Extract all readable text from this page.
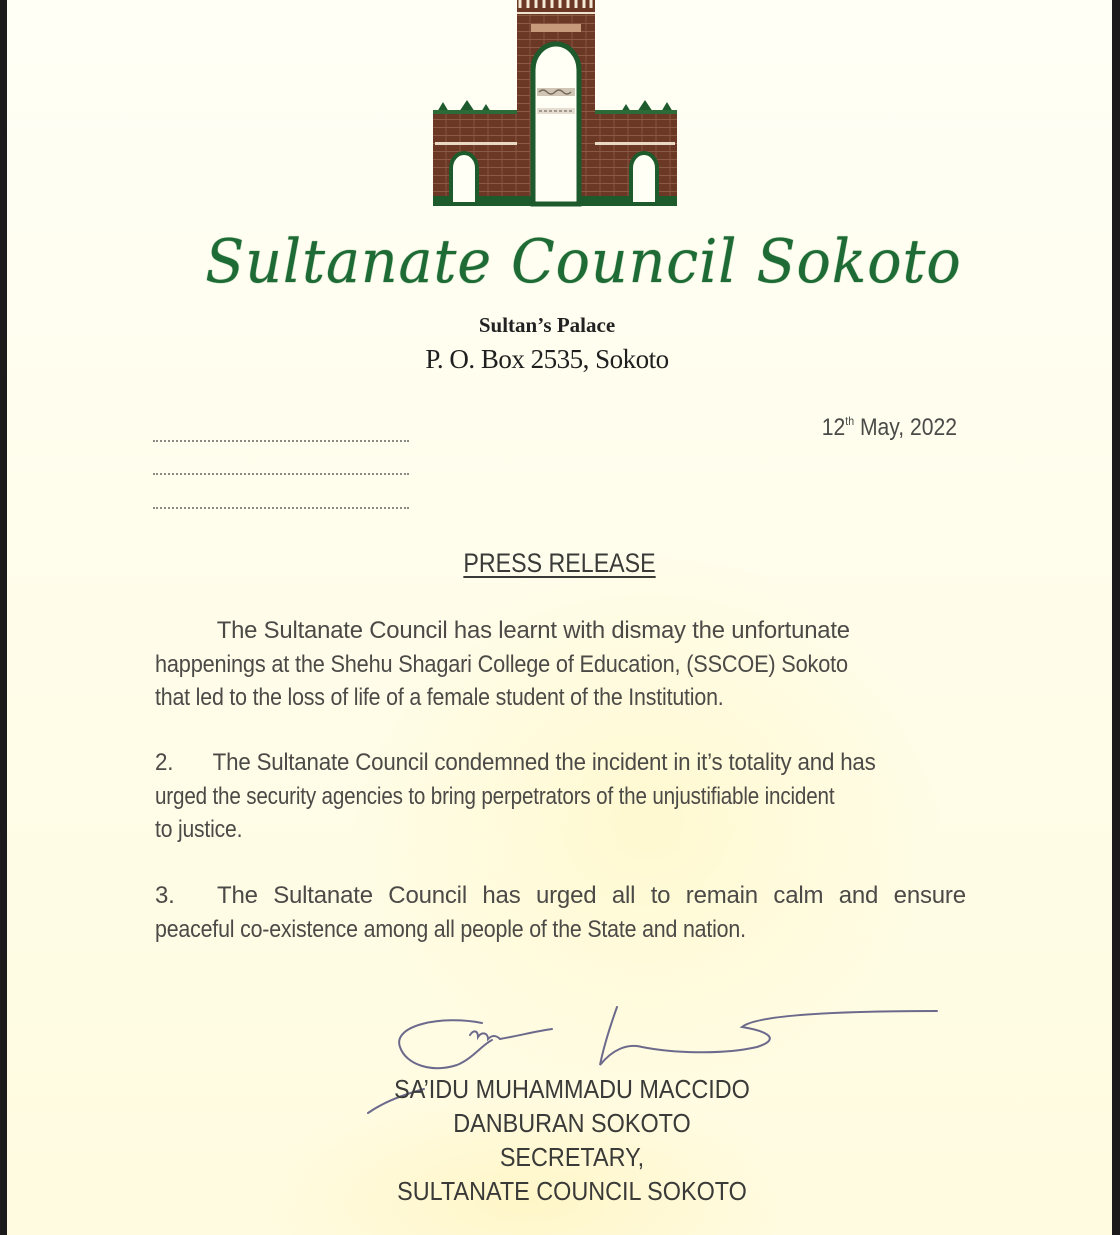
Sultanate Council Sokoto
Sultan’s Palace
P. O. Box 2535, Sokoto
12th May, 2022
PRESS RELEASE
The Sultanate Council has learnt with dismay the unfortunate
happenings at the Shehu Shagari College of Education, (SSCOE) Sokoto
that led to the loss of life of a female student of the Institution.
2. The Sultanate Council condemned the incident in it’s totality and has
urged the security agencies to bring perpetrators of the unjustifiable incident
to justice.
3. The Sultanate Council has urged all to remain calm and ensure
peaceful co-existence among all people of the State and nation.
SA’IDU MUHAMMADU MACCIDO
DANBURAN SOKOTO
SECRETARY,
SULTANATE COUNCIL SOKOTO
